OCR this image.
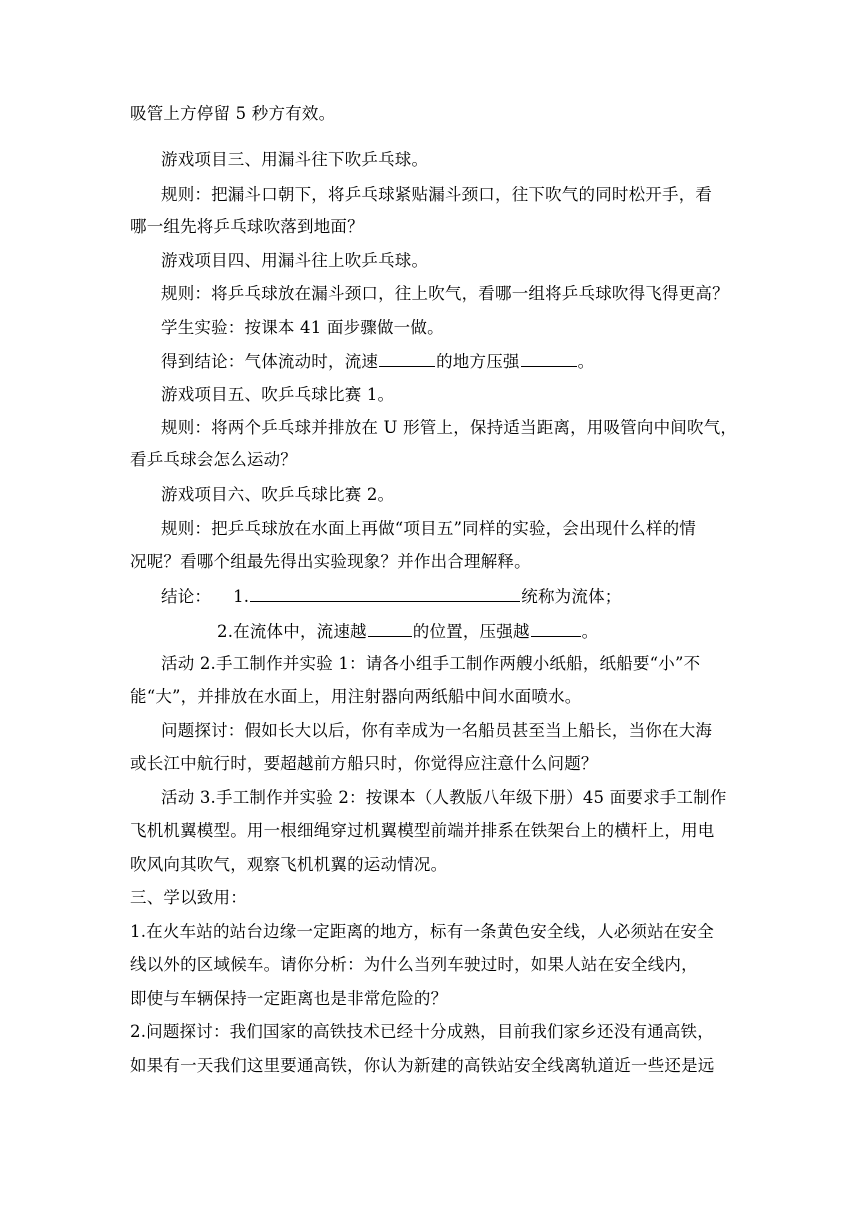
吸管上方停留 5 秒方有效。
游戏项目三、用漏斗往下吹乒乓球。
规则：把漏斗口朝下，将乒乓球紧贴漏斗颈口，往下吹气的同时松开手，看
哪一组先将乒乓球吹落到地面？
游戏项目四、用漏斗往上吹乒乓球。
规则：将乒乓球放在漏斗颈口，往上吹气，看哪一组将乒乓球吹得飞得更高？
学生实验：按课本 41 面步骤做一做。
得到结论：气体流动时，流速	的地方压强	。
游戏项目五、吹乒乓球比赛 1。
规则：将两个乒乓球并排放在 U 形管上，保持适当距离，用吸管向中间吹气，
看乒乓球会怎么运动？
游戏项目六、吹乒乓球比赛 2。
规则：把乒乓球放在水面上再做“项目五”同样的实验，会出现什么样的情
况呢？看哪个组最先得出实验现象？并作出合理解释。
结论： 1.	统称为流体；
2.在流体中，流速越	的位置，压强越	。
活动 2.手工制作并实验 1：请各小组手工制作两艘小纸船，纸船要“小”不
能“大”，并排放在水面上，用注射器向两纸船中间水面喷水。
问题探讨：假如长大以后，你有幸成为一名船员甚至当上船长，当你在大海
或长江中航行时，要超越前方船只时，你觉得应注意什么问题？
活动 3.手工制作并实验 2：按课本（人教版八年级下册）45 面要求手工制作
飞机机翼模型。用一根细绳穿过机翼模型前端并排系在铁架台上的横杆上，用电
吹风向其吹气，观察飞机机翼的运动情况。
三、学以致用：
1.在火车站的站台边缘一定距离的地方，标有一条黄色安全线，人必须站在安全
线以外的区域候车。请你分析：为什么当列车驶过时，如果人站在安全线内，
即使与车辆保持一定距离也是非常危险的？
2.问题探讨：我们国家的高铁技术已经十分成熟，目前我们家乡还没有通高铁，
如果有一天我们这里要通高铁，你认为新建的高铁站安全线离轨道近一些还是远
